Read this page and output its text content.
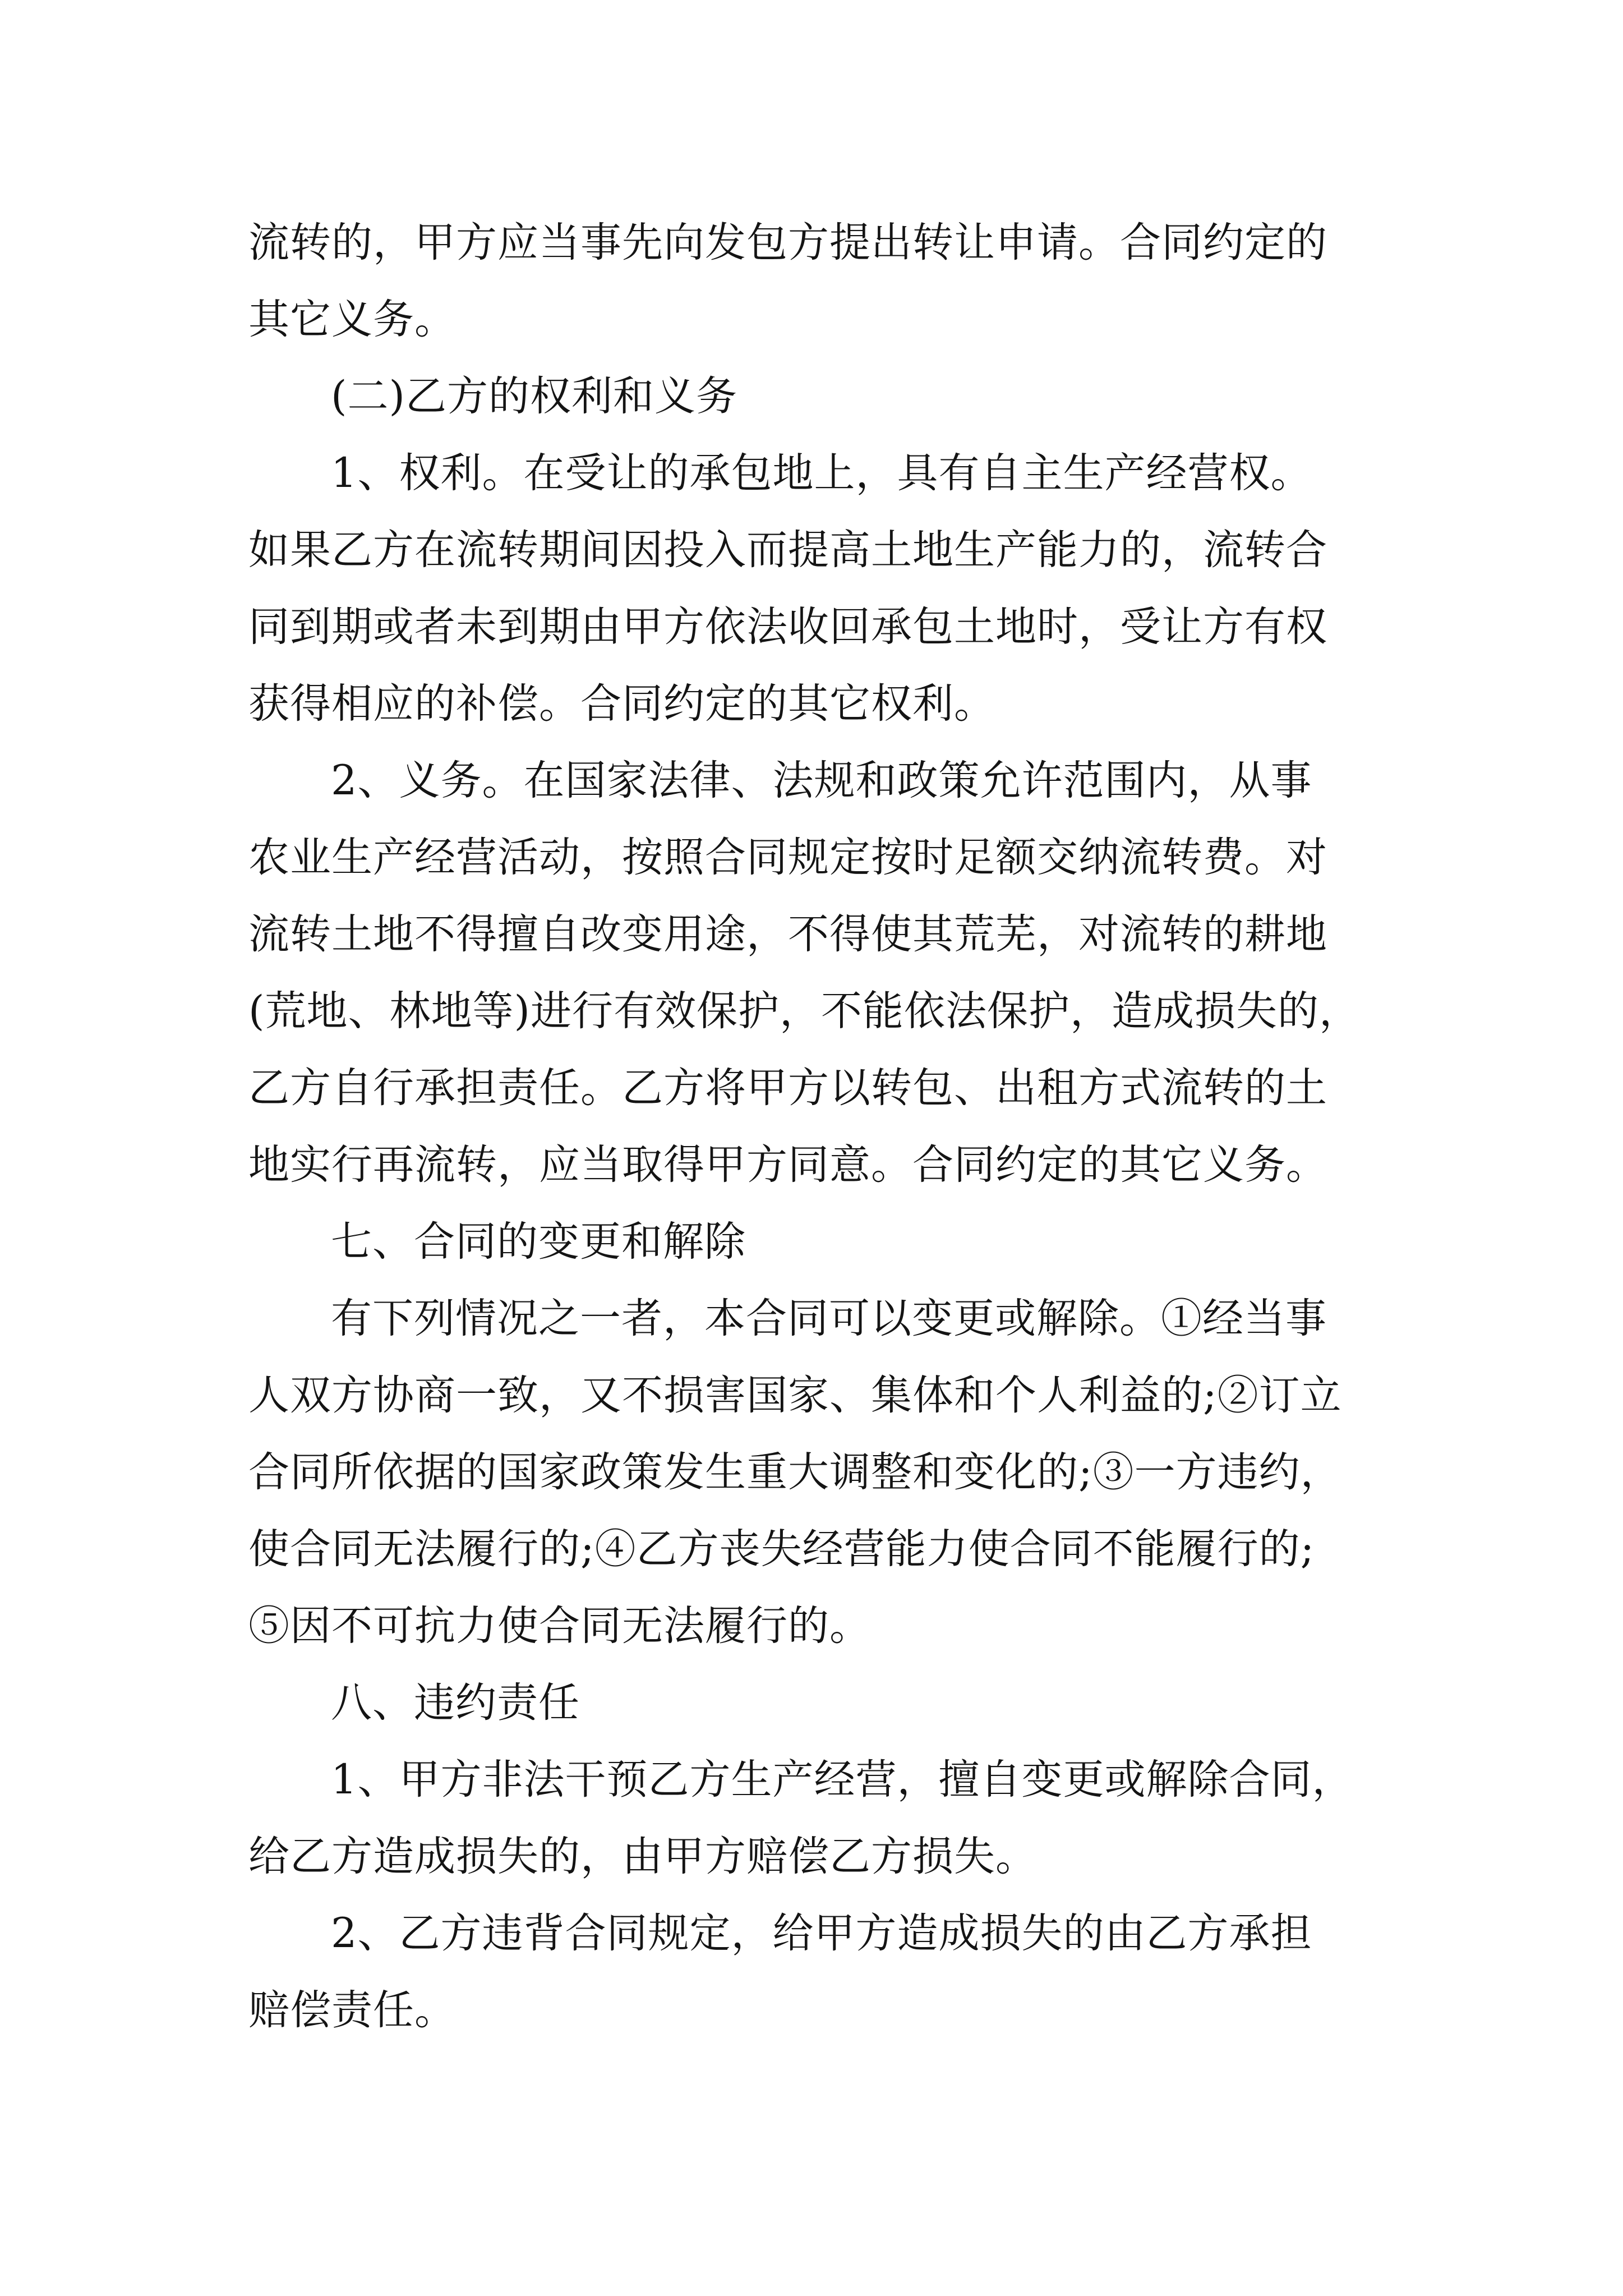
流转的，甲方应当事先向发包方提出转让申请。合同约定的

其它义务。

(二)乙方的权利和义务

1、权利。在受让的承包地上，具有自主生产经营权。

如果乙方在流转期间因投入而提高土地生产能力的，流转合

同到期或者未到期由甲方依法收回承包土地时，受让方有权

获得相应的补偿。合同约定的其它权利。

2、义务。在国家法律、法规和政策允许范围内，从事

农业生产经营活动，按照合同规定按时足额交纳流转费。对

流转土地不得擅自改变用途，不得使其荒芜，对流转的耕地

(荒地、林地等)进行有效保护，不能依法保护，造成损失的，

乙方自行承担责任。乙方将甲方以转包、出租方式流转的土

地实行再流转，应当取得甲方同意。合同约定的其它义务。

七、合同的变更和解除

有下列情况之一者，本合同可以变更或解除。①经当事

人双方协商一致，又不损害国家、集体和个人利益的;②订立

合同所依据的国家政策发生重大调整和变化的;③一方违约，

使合同无法履行的;④乙方丧失经营能力使合同不能履行的;

⑤因不可抗力使合同无法履行的。

八、违约责任

1、甲方非法干预乙方生产经营，擅自变更或解除合同，

给乙方造成损失的，由甲方赔偿乙方损失。

2、乙方违背合同规定，给甲方造成损失的由乙方承担

赔偿责任。
